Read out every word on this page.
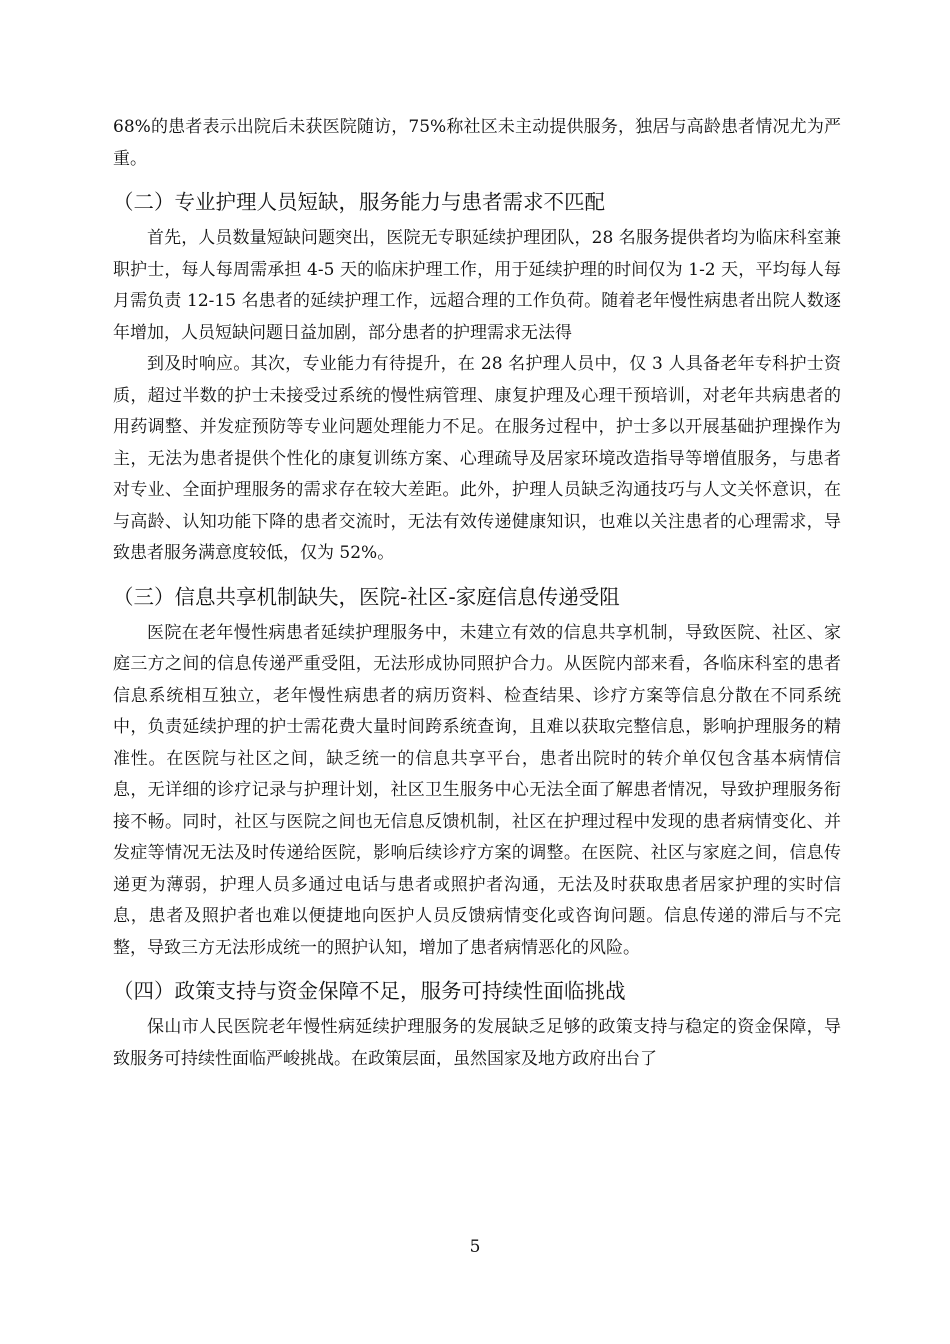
68%的患者表示出院后未获医院随访，75%称社区未主动提供服务，独居与高龄患者情况尤为严重。

（二）专业护理人员短缺，服务能力与患者需求不匹配

首先，人员数量短缺问题突出，医院无专职延续护理团队，28 名服务提供者均为临床科室兼职护士，每人每周需承担 4-5 天的临床护理工作，用于延续护理的时间仅为 1-2 天，平均每人每月需负责 12-15 名患者的延续护理工作，远超合理的工作负荷。随着老年慢性病患者出院人数逐年增加，人员短缺问题日益加剧，部分患者的护理需求无法得

到及时响应。其次，专业能力有待提升，在 28 名护理人员中，仅 3 人具备老年专科护士资质，超过半数的护士未接受过系统的慢性病管理、康复护理及心理干预培训，对老年共病患者的用药调整、并发症预防等专业问题处理能力不足。在服务过程中，护士多以开展基础护理操作为主，无法为患者提供个性化的康复训练方案、心理疏导及居家环境改造指导等增值服务，与患者对专业、全面护理服务的需求存在较大差距。此外，护理人员缺乏沟通技巧与人文关怀意识，在与高龄、认知功能下降的患者交流时，无法有效传递健康知识，也难以关注患者的心理需求，导致患者服务满意度较低，仅为 52%。

（三）信息共享机制缺失，医院-社区-家庭信息传递受阻

医院在老年慢性病患者延续护理服务中，未建立有效的信息共享机制，导致医院、社区、家庭三方之间的信息传递严重受阻，无法形成协同照护合力。从医院内部来看，各临床科室的患者信息系统相互独立，老年慢性病患者的病历资料、检查结果、诊疗方案等信息分散在不同系统中，负责延续护理的护士需花费大量时间跨系统查询，且难以获取完整信息，影响护理服务的精准性。在医院与社区之间，缺乏统一的信息共享平台，患者出院时的转介单仅包含基本病情信息，无详细的诊疗记录与护理计划，社区卫生服务中心无法全面了解患者情况，导致护理服务衔接不畅。同时，社区与医院之间也无信息反馈机制，社区在护理过程中发现的患者病情变化、并发症等情况无法及时传递给医院，影响后续诊疗方案的调整。在医院、社区与家庭之间，信息传递更为薄弱，护理人员多通过电话与患者或照护者沟通，无法及时获取患者居家护理的实时信息，患者及照护者也难以便捷地向医护人员反馈病情变化或咨询问题。信息传递的滞后与不完整，导致三方无法形成统一的照护认知，增加了患者病情恶化的风险。

（四）政策支持与资金保障不足，服务可持续性面临挑战

保山市人民医院老年慢性病延续护理服务的发展缺乏足够的政策支持与稳定的资金保障，导致服务可持续性面临严峻挑战。在政策层面，虽然国家及地方政府出台了

5
